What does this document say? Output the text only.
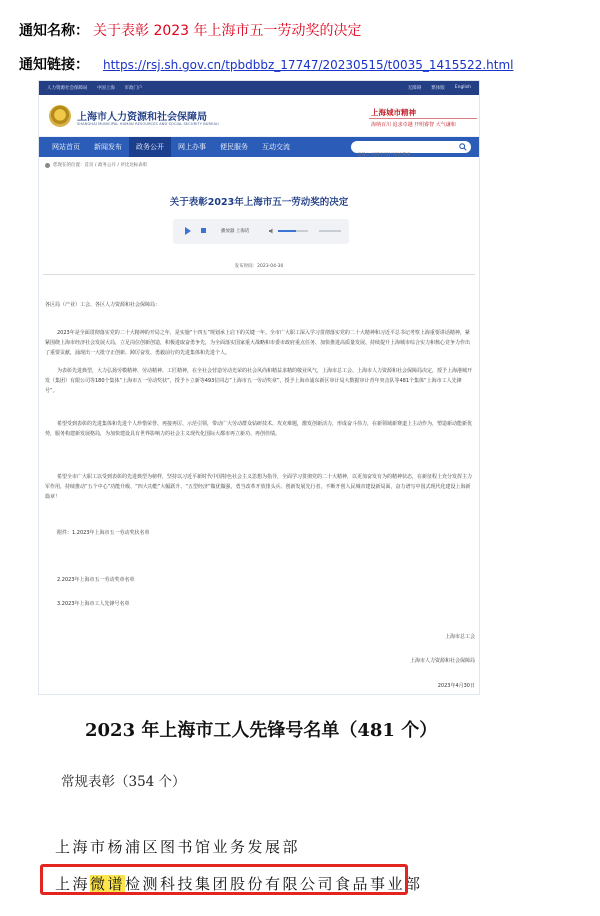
通知名称： 关于表彰 2023 年上海市五一劳动奖的决定
通知链接： https://rsj.sh.gov.cn/tpbdbbz_17747/20230515/t0035_1415522.html
人力资源社会保障局 中国上海 市政门户	无障碍 繁体版 English
上海市人力资源和社会保障局
SHANGHAI MUNICIPAL HUMAN RESOURCES AND SOCIAL SECURITY BUREAU
上海城市精神
海纳百川 追求卓越 开明睿智 大气谦和
网站首页	新闻发布	政务公开	网上办事	便民服务	互动交流
请输入关键字进行网站搜索
您现在的位置： 首页 / 政务公开 / 评比达标表彰
关于表彰2023年上海市五一劳动奖的决定
播放器 上海话
发布时间：2023-04-30
各区局（产业）工会、各区人力资源和社会保障局：
2023年是全面贯彻落实党的二十大精神的开局之年，是实施“十四五”规划承上启下的关键一年。全市广大职工深入学习贯彻落实党的二十大精神和习近平总书记考察上海重要讲话精神，紧紧围绕上海市经济社会发展大局，立足岗位创新创造，积极进取奋勇争先，为全面落实国家重大战略和市委市政府重点任务、加快推进高质量发展、持续提升上海城市综合实力和核心竞争力作出了重要贡献，涌现出一大批守正创新、踔厉奋发、勇毅前行的先进集体和先进个人。
为表彰先进典型，大力弘扬劳模精神、劳动精神、工匠精神，在全社会营造劳动光荣的社会风尚和精益求精的敬业风气，上海市总工会、上海市人力资源和社会保障局决定，授予上海港城开发（集团）有限公司等180个集体“上海市五一劳动奖状”，授予卜立新等493位同志“上海市五一劳动奖章”，授予上海市浦东新区审计局大数据审计青年突击队等481个集体“上海市工人先锋号”。
希望受到表彰的先进集体和先进个人珍惜荣誉、再接再厉、示范引领，带动广大劳动群众钻研技术、攻克难题，激发创新活力，形成奋斗伟力，在新领域新赛道上主动作为，塑造新动能新优势，服务构建新发展格局，为加快建设具有世界影响力的社会主义现代化国际大都市再立新功、再创佳绩。
希望全市广大职工以受到表彰的先进典型为榜样，坚持以习近平新时代中国特色社会主义思想为指导，全面学习贯彻党的二十大精神，以更加奋发有为的精神状态，在新征程上充分发挥主力军作用，持续推动“五个中心”功能升级、“四大功能”大幅跃升、“五型经济”做优做强，勇当改革开放排头兵、创新发展先行者，不断开创人民城市建设新局面，奋力谱写中国式现代化建设上海新篇章！
附件：1.2023年上海市五一劳动奖状名单
2.2023年上海市五一劳动奖章名单
3.2023年上海市工人先锋号名单
上海市总工会
上海市人力资源和社会保障局
2023年4月30日
2023 年上海市工人先锋号名单（481 个）
常规表彰（354 个）
上海市杨浦区图书馆业务发展部
上海微谱检测科技集团股份有限公司食品事业部
